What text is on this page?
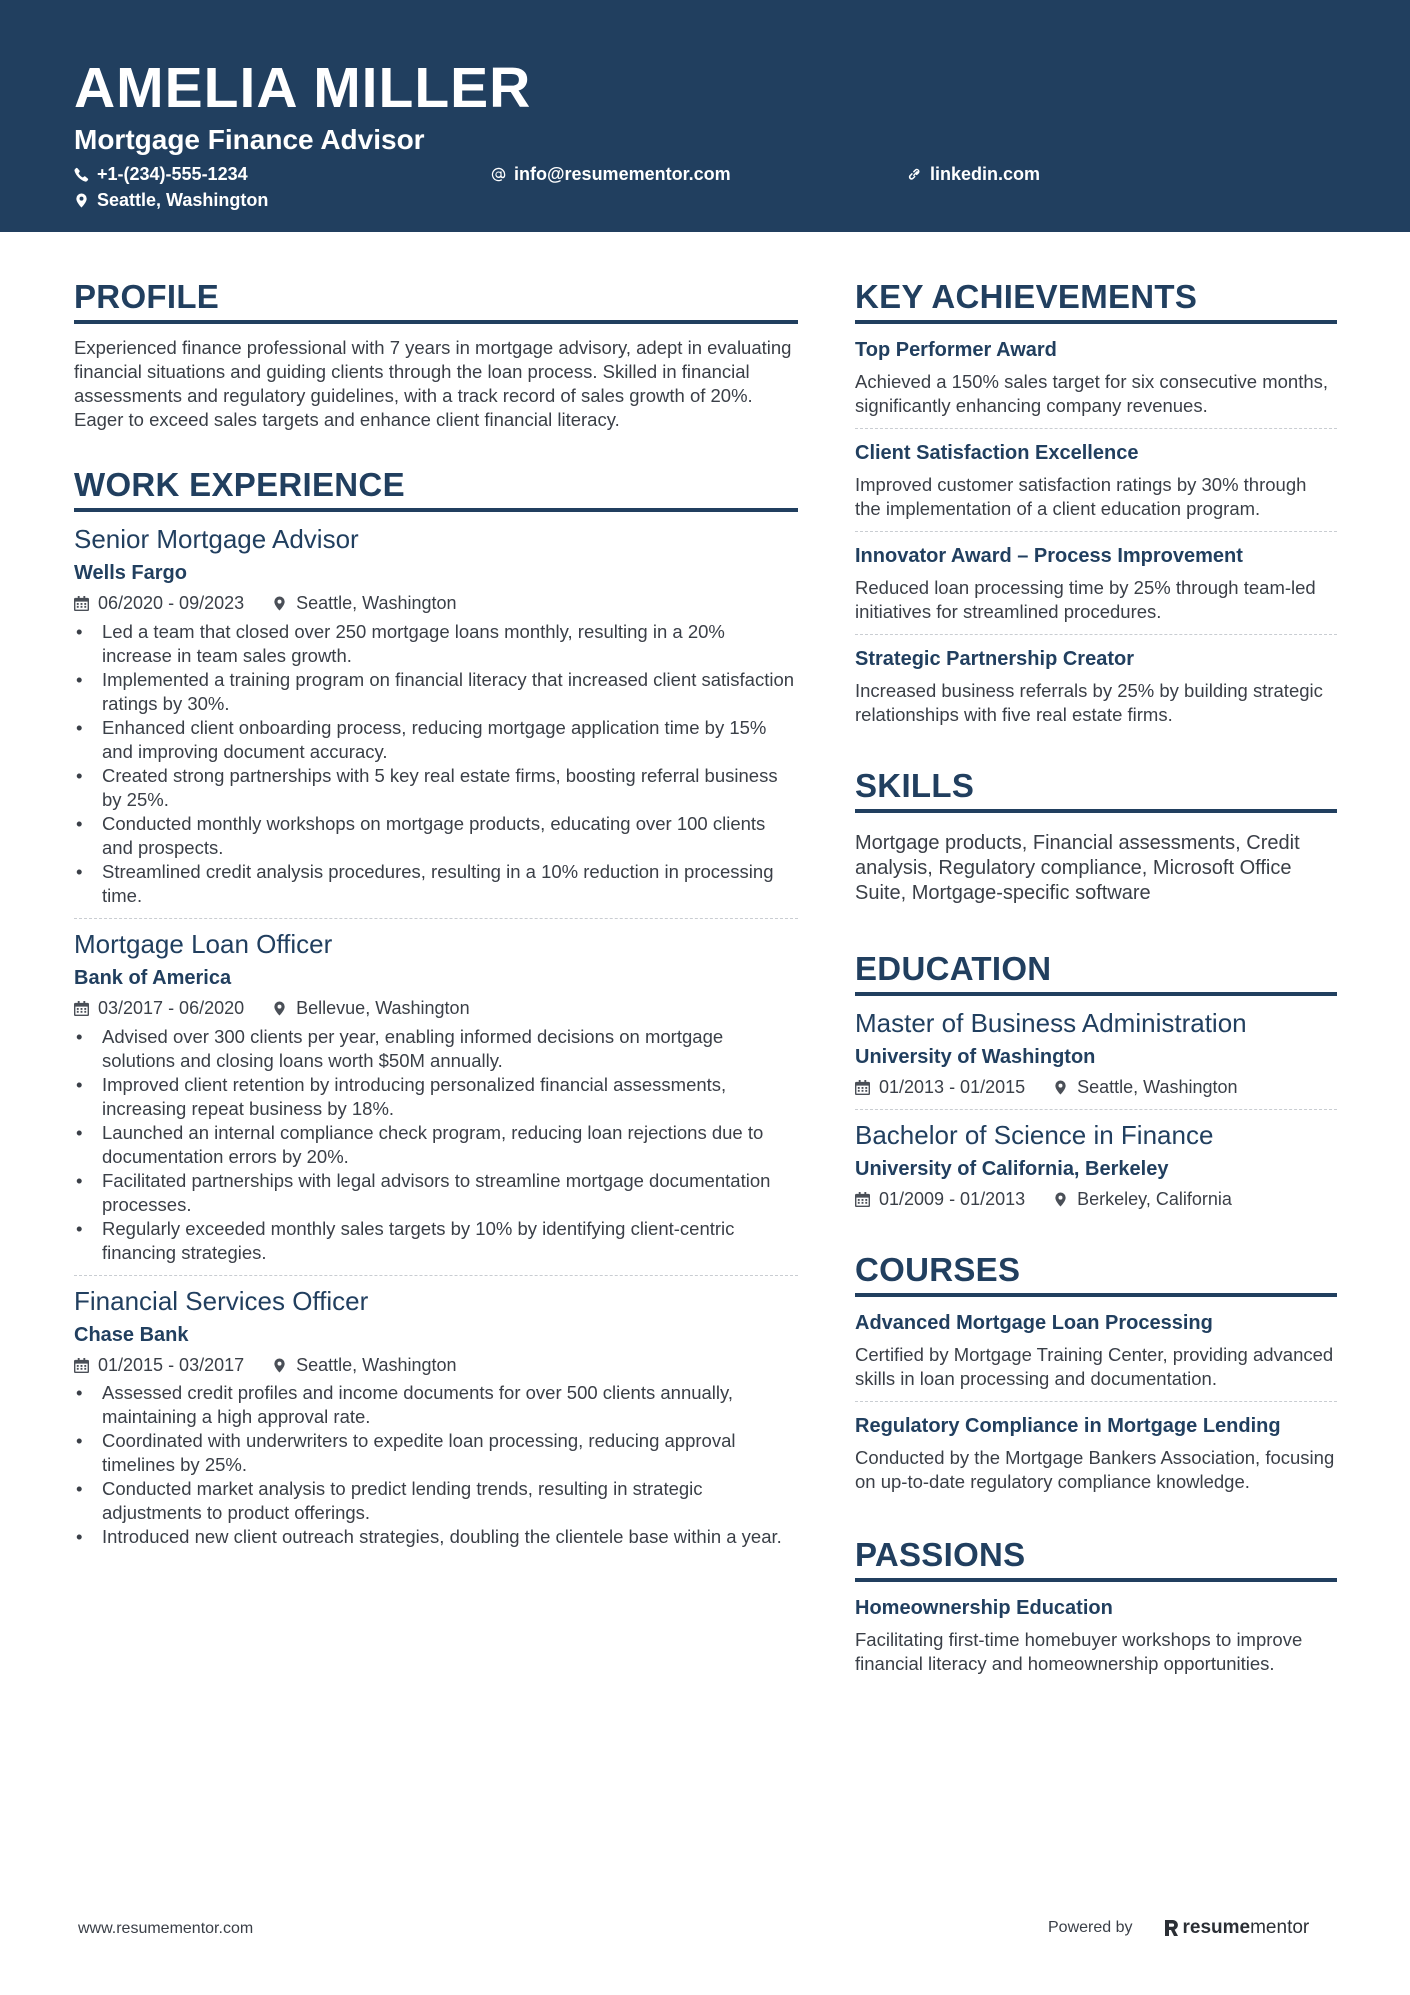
AMELIA MILLER
Mortgage Finance Advisor
+1-(234)-555-1234	info@resumementor.com	linkedin.com
Seattle, Washington
PROFILE
Experienced finance professional with 7 years in mortgage advisory, adept in evaluating financial situations and guiding clients through the loan process. Skilled in financial assessments and regulatory guidelines, with a track record of sales growth of 20%. Eager to exceed sales targets and enhance client financial literacy.
WORK EXPERIENCE
Senior Mortgage Advisor
Wells Fargo
06/2020 - 09/2023	Seattle, Washington
• Led a team that closed over 250 mortgage loans monthly, resulting in a 20% increase in team sales growth.
• Implemented a training program on financial literacy that increased client satisfaction ratings by 30%.
• Enhanced client onboarding process, reducing mortgage application time by 15% and improving document accuracy.
• Created strong partnerships with 5 key real estate firms, boosting referral business by 25%.
• Conducted monthly workshops on mortgage products, educating over 100 clients and prospects.
• Streamlined credit analysis procedures, resulting in a 10% reduction in processing time.
Mortgage Loan Officer
Bank of America
03/2017 - 06/2020	Bellevue, Washington
• Advised over 300 clients per year, enabling informed decisions on mortgage solutions and closing loans worth $50M annually.
• Improved client retention by introducing personalized financial assessments, increasing repeat business by 18%.
• Launched an internal compliance check program, reducing loan rejections due to documentation errors by 20%.
• Facilitated partnerships with legal advisors to streamline mortgage documentation processes.
• Regularly exceeded monthly sales targets by 10% by identifying client-centric financing strategies.
Financial Services Officer
Chase Bank
01/2015 - 03/2017	Seattle, Washington
• Assessed credit profiles and income documents for over 500 clients annually, maintaining a high approval rate.
• Coordinated with underwriters to expedite loan processing, reducing approval timelines by 25%.
• Conducted market analysis to predict lending trends, resulting in strategic adjustments to product offerings.
• Introduced new client outreach strategies, doubling the clientele base within a year.
KEY ACHIEVEMENTS
Top Performer Award
Achieved a 150% sales target for six consecutive months, significantly enhancing company revenues.
Client Satisfaction Excellence
Improved customer satisfaction ratings by 30% through the implementation of a client education program.
Innovator Award – Process Improvement
Reduced loan processing time by 25% through team-led initiatives for streamlined procedures.
Strategic Partnership Creator
Increased business referrals by 25% by building strategic relationships with five real estate firms.
SKILLS
Mortgage products, Financial assessments, Credit analysis, Regulatory compliance, Microsoft Office Suite, Mortgage-specific software
EDUCATION
Master of Business Administration
University of Washington
01/2013 - 01/2015	Seattle, Washington
Bachelor of Science in Finance
University of California, Berkeley
01/2009 - 01/2013	Berkeley, California
COURSES
Advanced Mortgage Loan Processing
Certified by Mortgage Training Center, providing advanced skills in loan processing and documentation.
Regulatory Compliance in Mortgage Lending
Conducted by the Mortgage Bankers Association, focusing on up-to-date regulatory compliance knowledge.
PASSIONS
Homeownership Education
Facilitating first-time homebuyer workshops to improve financial literacy and homeownership opportunities.
www.resumementor.com	Powered by	resume mentor
